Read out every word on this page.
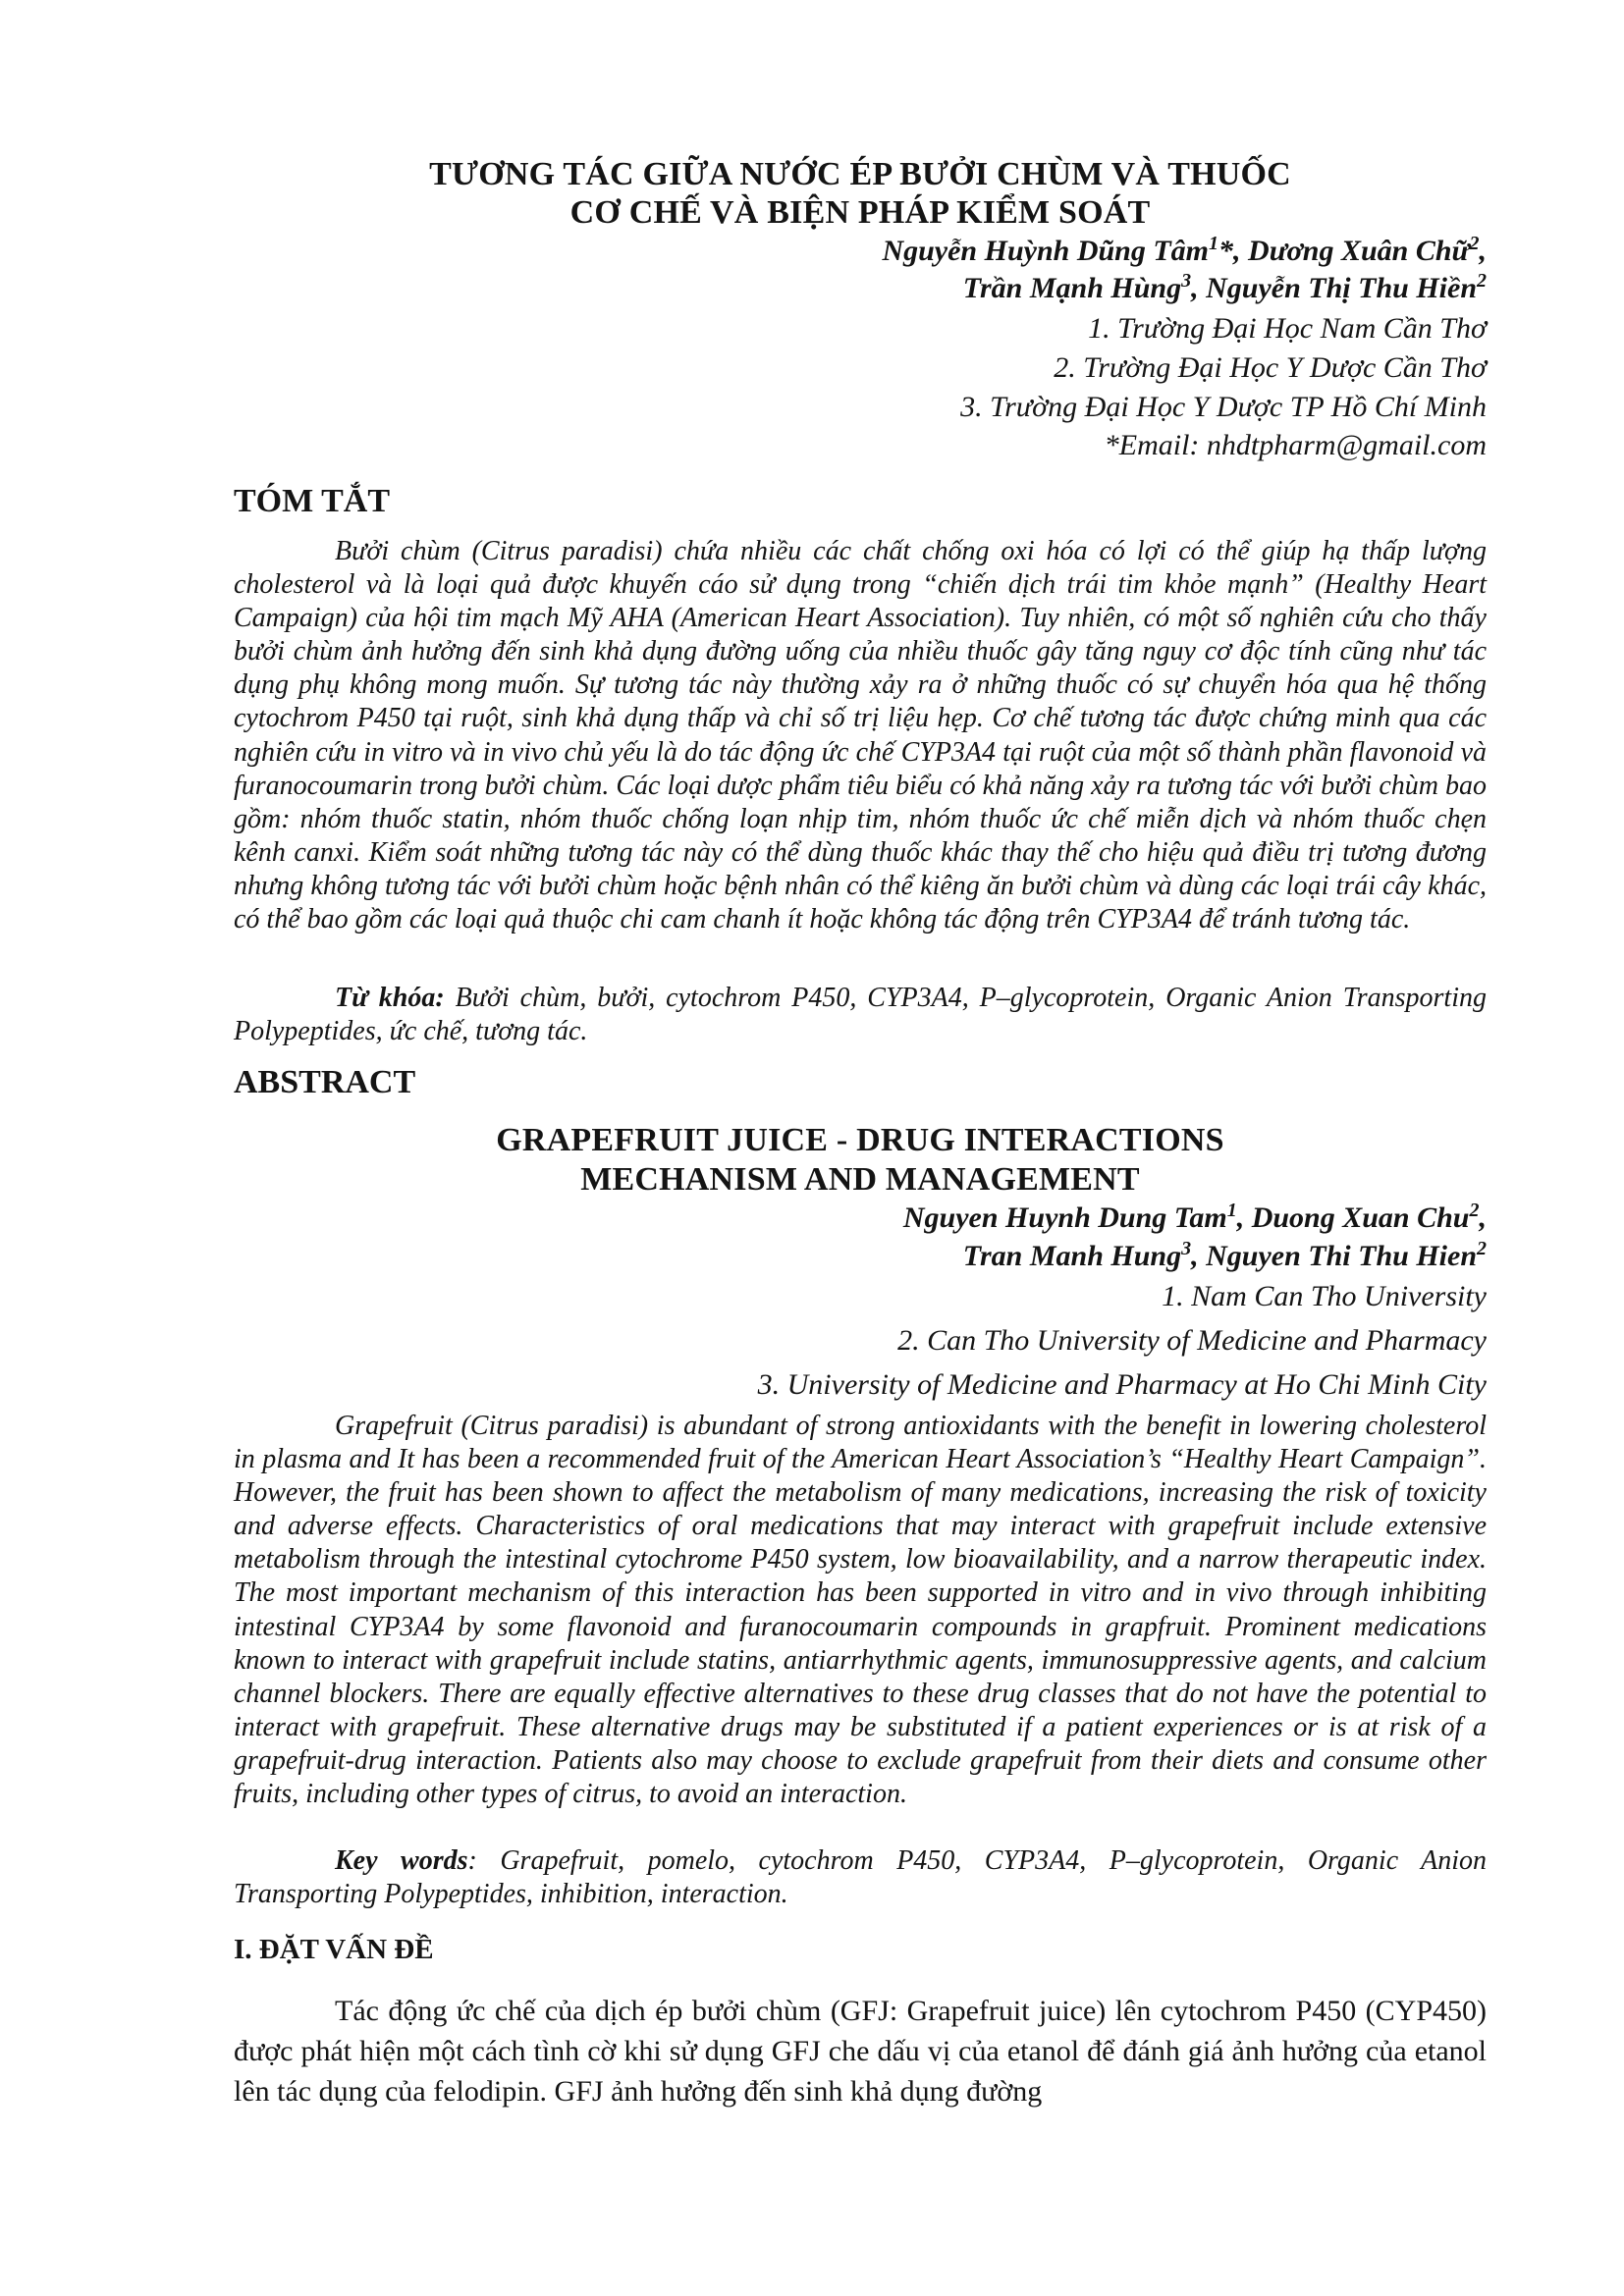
TƯƠNG TÁC GIỮA NƯỚC ÉP BƯỞI CHÙM VÀ THUỐC
CƠ CHẾ VÀ BIỆN PHÁP KIỂM SOÁT
Nguyễn Huỳnh Dũng Tâm$^1$*, Dương Xuân Chữ$^2$,
Trần Mạnh Hùng$^3$, Nguyễn Thị Thu Hiền$^2$
1. Trường Đại Học Nam Cần Thơ
2. Trường Đại Học Y Dược Cần Thơ
3. Trường Đại Học Y Dược TP Hồ Chí Minh
*Email: nhdtpharm@gmail.com
TÓM TẮT

Bưởi chùm (Citrus paradisi) chứa nhiều các chất chống oxi hóa có lợi có thể giúp hạ thấp lượng cholesterol và là loại quả được khuyến cáo sử dụng trong “chiến dịch trái tim khỏe mạnh” (Healthy Heart Campaign) của hội tim mạch Mỹ AHA (American Heart Association). Tuy nhiên, có một số nghiên cứu cho thấy bưởi chùm ảnh hưởng đến sinh khả dụng đường uống của nhiều thuốc gây tăng nguy cơ độc tính cũng như tác dụng phụ không mong muốn. Sự tương tác này thường xảy ra ở những thuốc có sự chuyển hóa qua hệ thống cytochrom P450 tại ruột, sinh khả dụng thấp và chỉ số trị liệu hẹp. Cơ chế tương tác được chứng minh qua các nghiên cứu in vitro và in vivo chủ yếu là do tác động ức chế CYP3A4 tại ruột của một số thành phần flavonoid và furanocoumarin trong bưởi chùm. Các loại dược phẩm tiêu biểu có khả năng xảy ra tương tác với bưởi chùm bao gồm: nhóm thuốc statin, nhóm thuốc chống loạn nhịp tim, nhóm thuốc ức chế miễn dịch và nhóm thuốc chẹn kênh canxi. Kiểm soát những tương tác này có thể dùng thuốc khác thay thế cho hiệu quả điều trị tương đương nhưng không tương tác với bưởi chùm hoặc bệnh nhân có thể kiêng ăn bưởi chùm và dùng các loại trái cây khác, có thể bao gồm các loại quả thuộc chi cam chanh ít hoặc không tác động trên CYP3A4 để tránh tương tác.

Từ khóa: Bưởi chùm, bưởi, cytochrom P450, CYP3A4, P–glycoprotein, Organic Anion Transporting Polypeptides, ức chế, tương tác.

ABSTRACT
GRAPEFRUIT JUICE - DRUG INTERACTIONS
MECHANISM AND MANAGEMENT
Nguyen Huynh Dung Tam$^1$, Duong Xuan Chu$^2$,
Tran Manh Hung$^3$, Nguyen Thi Thu Hien$^2$
1. Nam Can Tho University
2. Can Tho University of Medicine and Pharmacy
3. University of Medicine and Pharmacy at Ho Chi Minh City

Grapefruit (Citrus paradisi) is abundant of strong antioxidants with the benefit in lowering cholesterol in plasma and It has been a recommended fruit of the American Heart Association’s “Healthy Heart Campaign”. However, the fruit has been shown to affect the metabolism of many medications, increasing the risk of toxicity and adverse effects. Characteristics of oral medications that may interact with grapefruit include extensive metabolism through the intestinal cytochrome P450 system, low bioavailability, and a narrow therapeutic index. The most important mechanism of this interaction has been supported in vitro and in vivo through inhibiting intestinal CYP3A4 by some flavonoid and furanocoumarin compounds in grapfruit. Prominent medications known to interact with grapefruit include statins, antiarrhythmic agents, immunosuppressive agents, and calcium channel blockers. There are equally effective alternatives to these drug classes that do not have the potential to interact with grapefruit. These alternative drugs may be substituted if a patient experiences or is at risk of a grapefruit-drug interaction. Patients also may choose to exclude grapefruit from their diets and consume other fruits, including other types of citrus, to avoid an interaction.

Key words: Grapefruit, pomelo, cytochrom P450, CYP3A4, P–glycoprotein, Organic Anion Transporting Polypeptides, inhibition, interaction.

I. ĐẶT VẤN ĐỀ

Tác động ức chế của dịch ép bưởi chùm (GFJ: Grapefruit juice) lên cytochrom P450 (CYP450) được phát hiện một cách tình cờ khi sử dụng GFJ che dấu vị của etanol để đánh giá ảnh hưởng của etanol lên tác dụng của felodipin. GFJ ảnh hưởng đến sinh khả dụng đường
